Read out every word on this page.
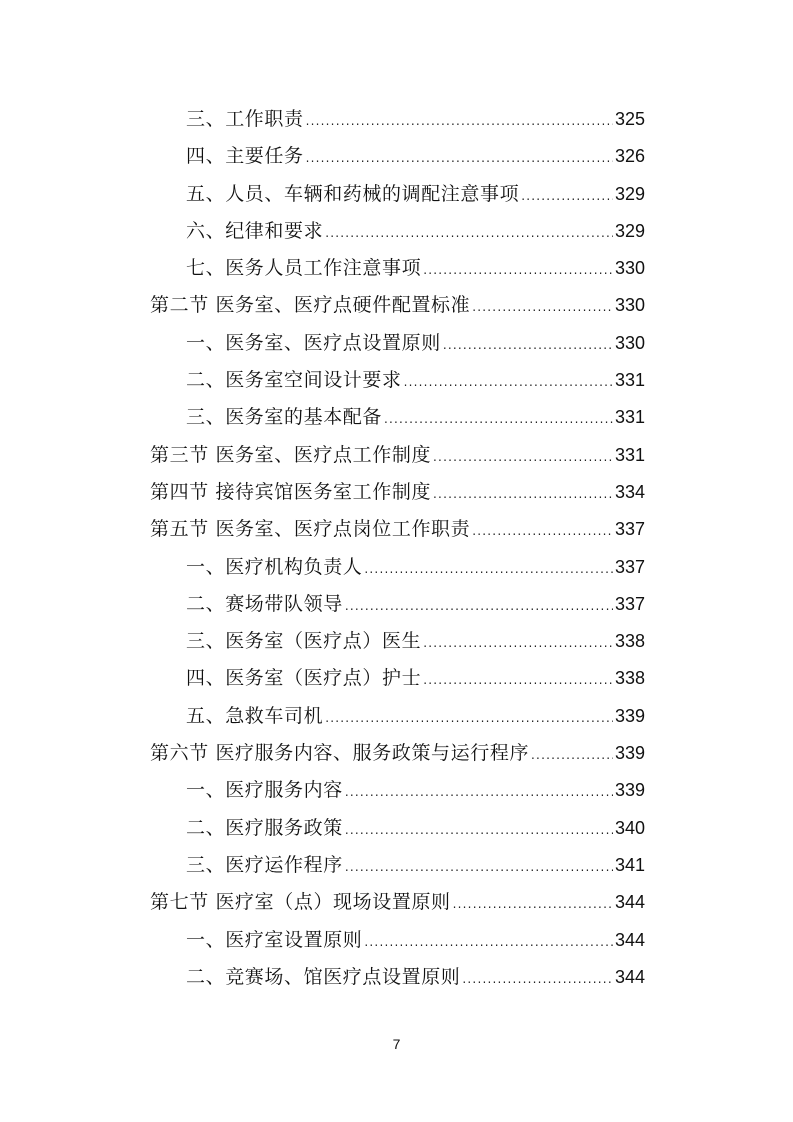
三、工作职责 .....	325
四、主要任务 .....	326
五、人员、车辆和药械的调配注意事项 .....	329
六、纪律和要求 .....	329
七、医务人员工作注意事项 .....	330
第二节 医务室、医疗点硬件配置标准 .....	330
一、医务室、医疗点设置原则 .....	330
二、医务室空间设计要求 .....	331
三、医务室的基本配备 .....	331
第三节 医务室、医疗点工作制度 .....	331
第四节 接待宾馆医务室工作制度 .....	334
第五节 医务室、医疗点岗位工作职责 .....	337
一、医疗机构负责人 .....	337
二、赛场带队领导 .....	337
三、医务室（医疗点）医生 .....	338
四、医务室（医疗点）护士 .....	338
五、急救车司机 .....	339
第六节 医疗服务内容、服务政策与运行程序 .....	339
一、医疗服务内容 .....	339
二、医疗服务政策 .....	340
三、医疗运作程序 .....	341
第七节 医疗室（点）现场设置原则 .....	344
一、医疗室设置原则 .....	344
二、竞赛场、馆医疗点设置原则 .....	344
7
